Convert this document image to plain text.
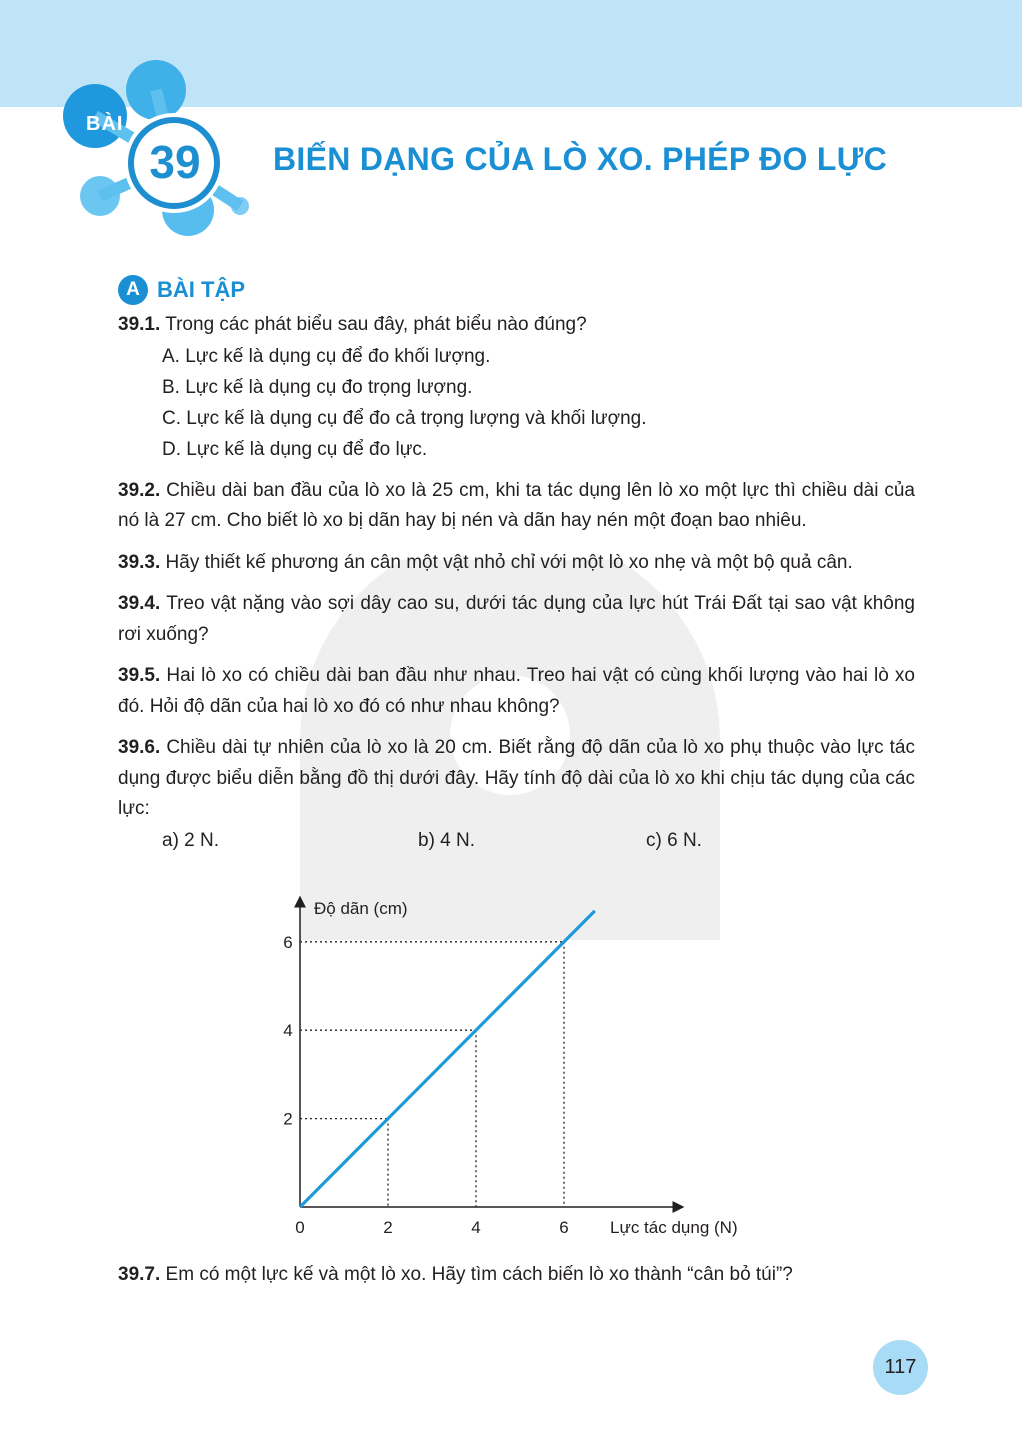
BÀI
39	BIẾN DẠNG CỦA LÒ XO. PHÉP ĐO LỰC
A BÀI TẬP
39.1. Trong các phát biểu sau đây, phát biểu nào đúng?
A. Lực kế là dụng cụ để đo khối lượng.
B. Lực kế là dụng cụ đo trọng lượng.
C. Lực kế là dụng cụ để đo cả trọng lượng và khối lượng.
D. Lực kế là dụng cụ để đo lực.
39.2. Chiều dài ban đầu của lò xo là 25 cm, khi ta tác dụng lên lò xo một lực thì chiều dài của nó là 27 cm. Cho biết lò xo bị dãn hay bị nén và dãn hay nén một đoạn bao nhiêu.
39.3. Hãy thiết kế phương án cân một vật nhỏ chỉ với một lò xo nhẹ và một bộ quả cân.
39.4. Treo vật nặng vào sợi dây cao su, dưới tác dụng của lực hút Trái Đất tại sao vật không rơi xuống?
39.5. Hai lò xo có chiều dài ban đầu như nhau. Treo hai vật có cùng khối lượng vào hai lò xo đó. Hỏi độ dãn của hai lò xo đó có như nhau không?
39.6. Chiều dài tự nhiên của lò xo là 20 cm. Biết rằng độ dãn của lò xo phụ thuộc vào lực tác dụng được biểu diễn bằng đồ thị dưới đây. Hãy tính độ dài của lò xo khi chịu tác dụng của các lực:
a) 2 N.	b) 4 N.	c) 6 N.
Độ dãn (cm)
Lực tác dụng (N)
0	2	4	6
2
4
6
39.7. Em có một lực kế và một lò xo. Hãy tìm cách biến lò xo thành “cân bỏ túi”?
117
